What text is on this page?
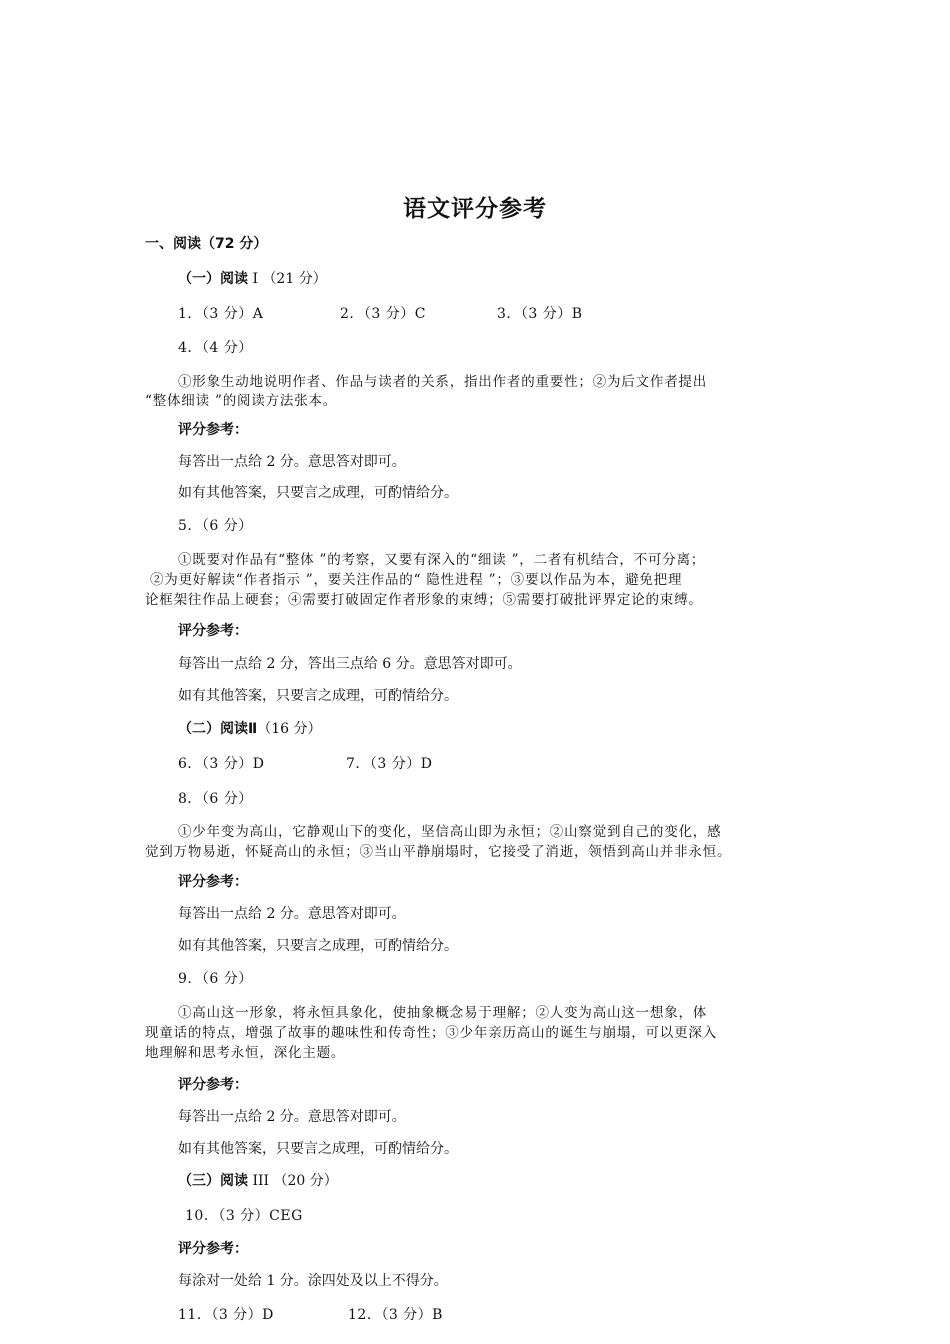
语文评分参考
一、阅读（72 分）
（一）阅读 Ⅰ （21 分）
1．（3 分）A	2．（3 分）C	3．（3 分）B
4．（4 分）
①形象生动地说明作者、作品与读者的关系，指出作者的重要性；②为后文作者提出
“整体细读 ”的阅读方法张本。
评分参考：
每答出一点给 2 分。意思答对即可。
如有其他答案，只要言之成理，可酌情给分。
5．（6 分）
①既要对作品有“整体 ”的考察，又要有深入的“细读 ”，二者有机结合，不可分离；
②为更好解读“作者指示 ”，要关注作品的“ 隐性进程 ”；③要以作品为本，避免把理
论框架往作品上硬套；④需要打破固定作者形象的束缚；⑤需要打破批评界定论的束缚。
评分参考：
每答出一点给 2 分，答出三点给 6 分。意思答对即可。
如有其他答案，只要言之成理，可酌情给分。
（二）阅读Ⅱ（16 分）
6．（3 分）D	7．（3 分）D
8．（6 分）
①少年变为高山，它静观山下的变化，坚信高山即为永恒；②山察觉到自己的变化，感
觉到万物易逝，怀疑高山的永恒；③当山平静崩塌时，它接受了消逝，领悟到高山并非永恒。
评分参考：
每答出一点给 2 分。意思答对即可。
如有其他答案，只要言之成理，可酌情给分。
9．（6 分）
①高山这一形象，将永恒具象化，使抽象概念易于理解；②人变为高山这一想象，体
现童话的特点，增强了故事的趣味性和传奇性；③少年亲历高山的诞生与崩塌，可以更深入
地理解和思考永恒，深化主题。
评分参考：
每答出一点给 2 分。意思答对即可。
如有其他答案，只要言之成理，可酌情给分。
（三）阅读 III （20 分）
10．（3 分）CEG
评分参考：
每涂对一处给 1 分。涂四处及以上不得分。
11．（3 分）D	12．（3 分）B
